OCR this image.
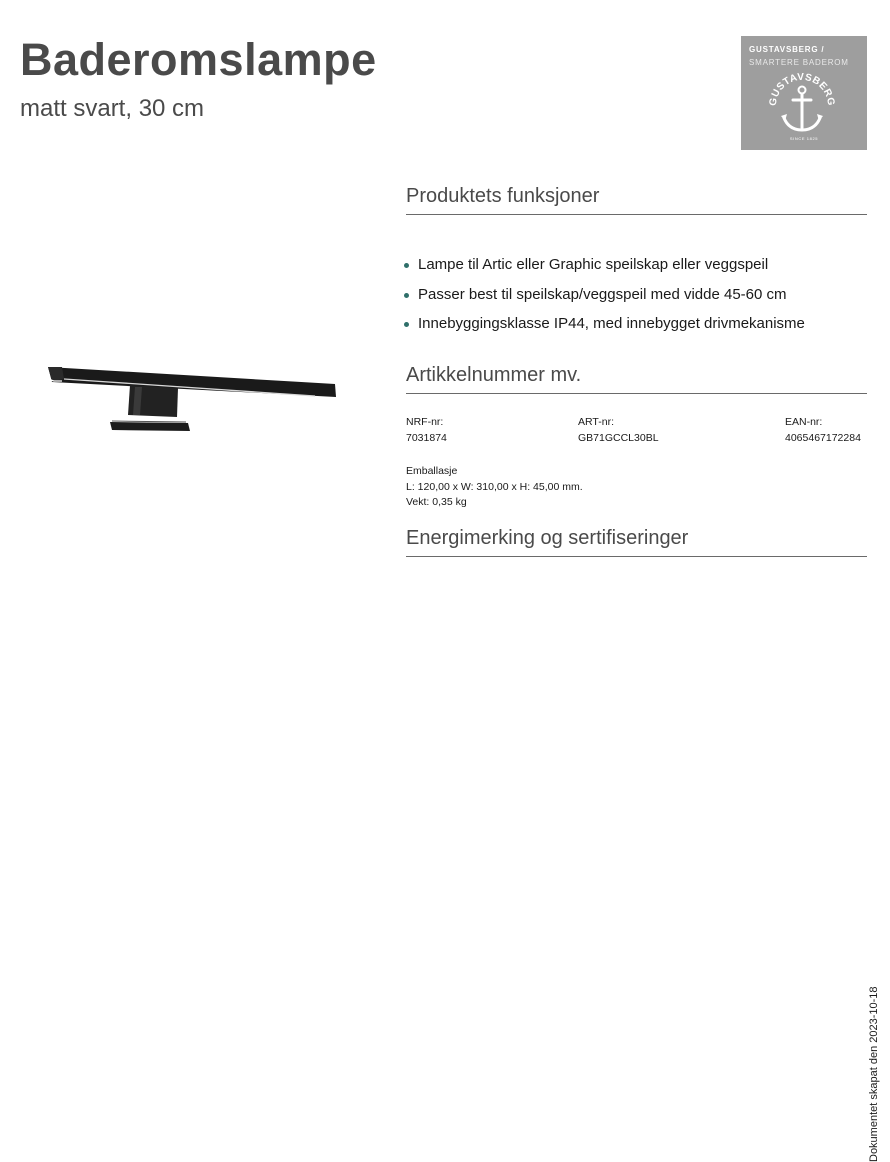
Baderomslampe
matt svart, 30 cm
GUSTAVSBERG /
SMARTERE BADEROM
GUSTAVSBERG
SINCE 1825
Produktets funksjoner
Lampe til Artic eller Graphic speilskap eller veggspeil
Passer best til speilskap/veggspeil med vidde 45-60 cm
Innebyggingsklasse IP44, med innebygget drivmekanisme
Artikkelnummer mv.
NRF-nr:
7031874
ART-nr:
GB71GCCL30BL
EAN-nr:
4065467172284
Emballasje
L: 120,00 x W: 310,00 x H: 45,00 mm.
Vekt: 0,35 kg
Energimerking og sertifiseringer
Dokumentet skapat den 2023-10-18
